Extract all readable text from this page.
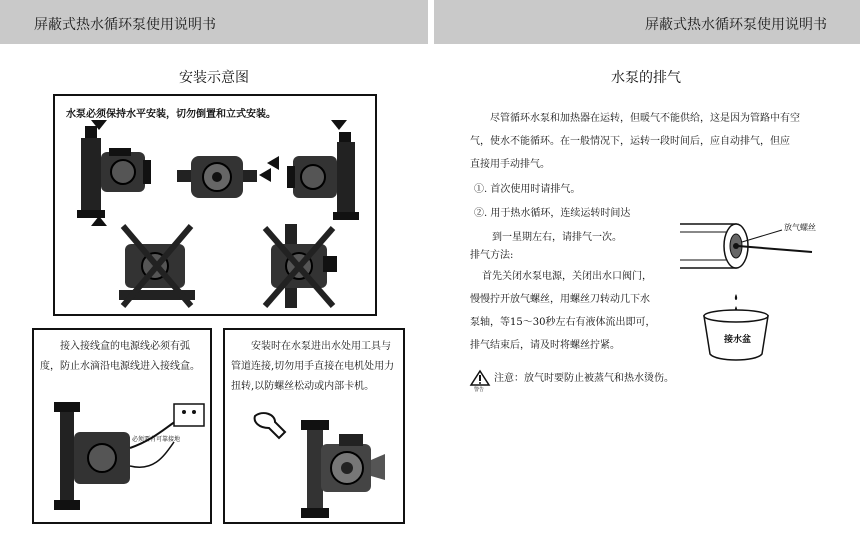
屏蔽式热水循环泵使用说明书	屏蔽式热水循环泵使用说明书
安装示意图
水泵必须保持水平安装，切勿倒置和立式安装。
接入接线盒的电源线必须有弧
度，防止水滴沿电源线进入接线盒。
必须要有可靠接地
安装时在水泵进出水处用工具与
管道连接,切勿用手直接在电机处用力
扭转,以防螺丝松动或内部卡机。
水泵的排气
尽管循环水泵和加热器在运转，但暖气不能供给，这是因为管路中有空
气，使水不能循环。在一般情况下，运转一段时间后，应自动排气，但应
直接用手动排气。
①. 首次使用时请排气。
②. 用于热水循环，连续运转时间达
到一星期左右，请排气一次。
排气方法:
首先关闭水泵电源，关闭出水口阀门，
慢慢拧开放气螺丝，用螺丝刀转动几下水
泵轴，等15～30秒左右有液体流出即可，
排气结束后，请及时将螺丝拧紧。
放气螺丝
接水盆
警告
注意：放气时要防止被蒸气和热水烫伤。
